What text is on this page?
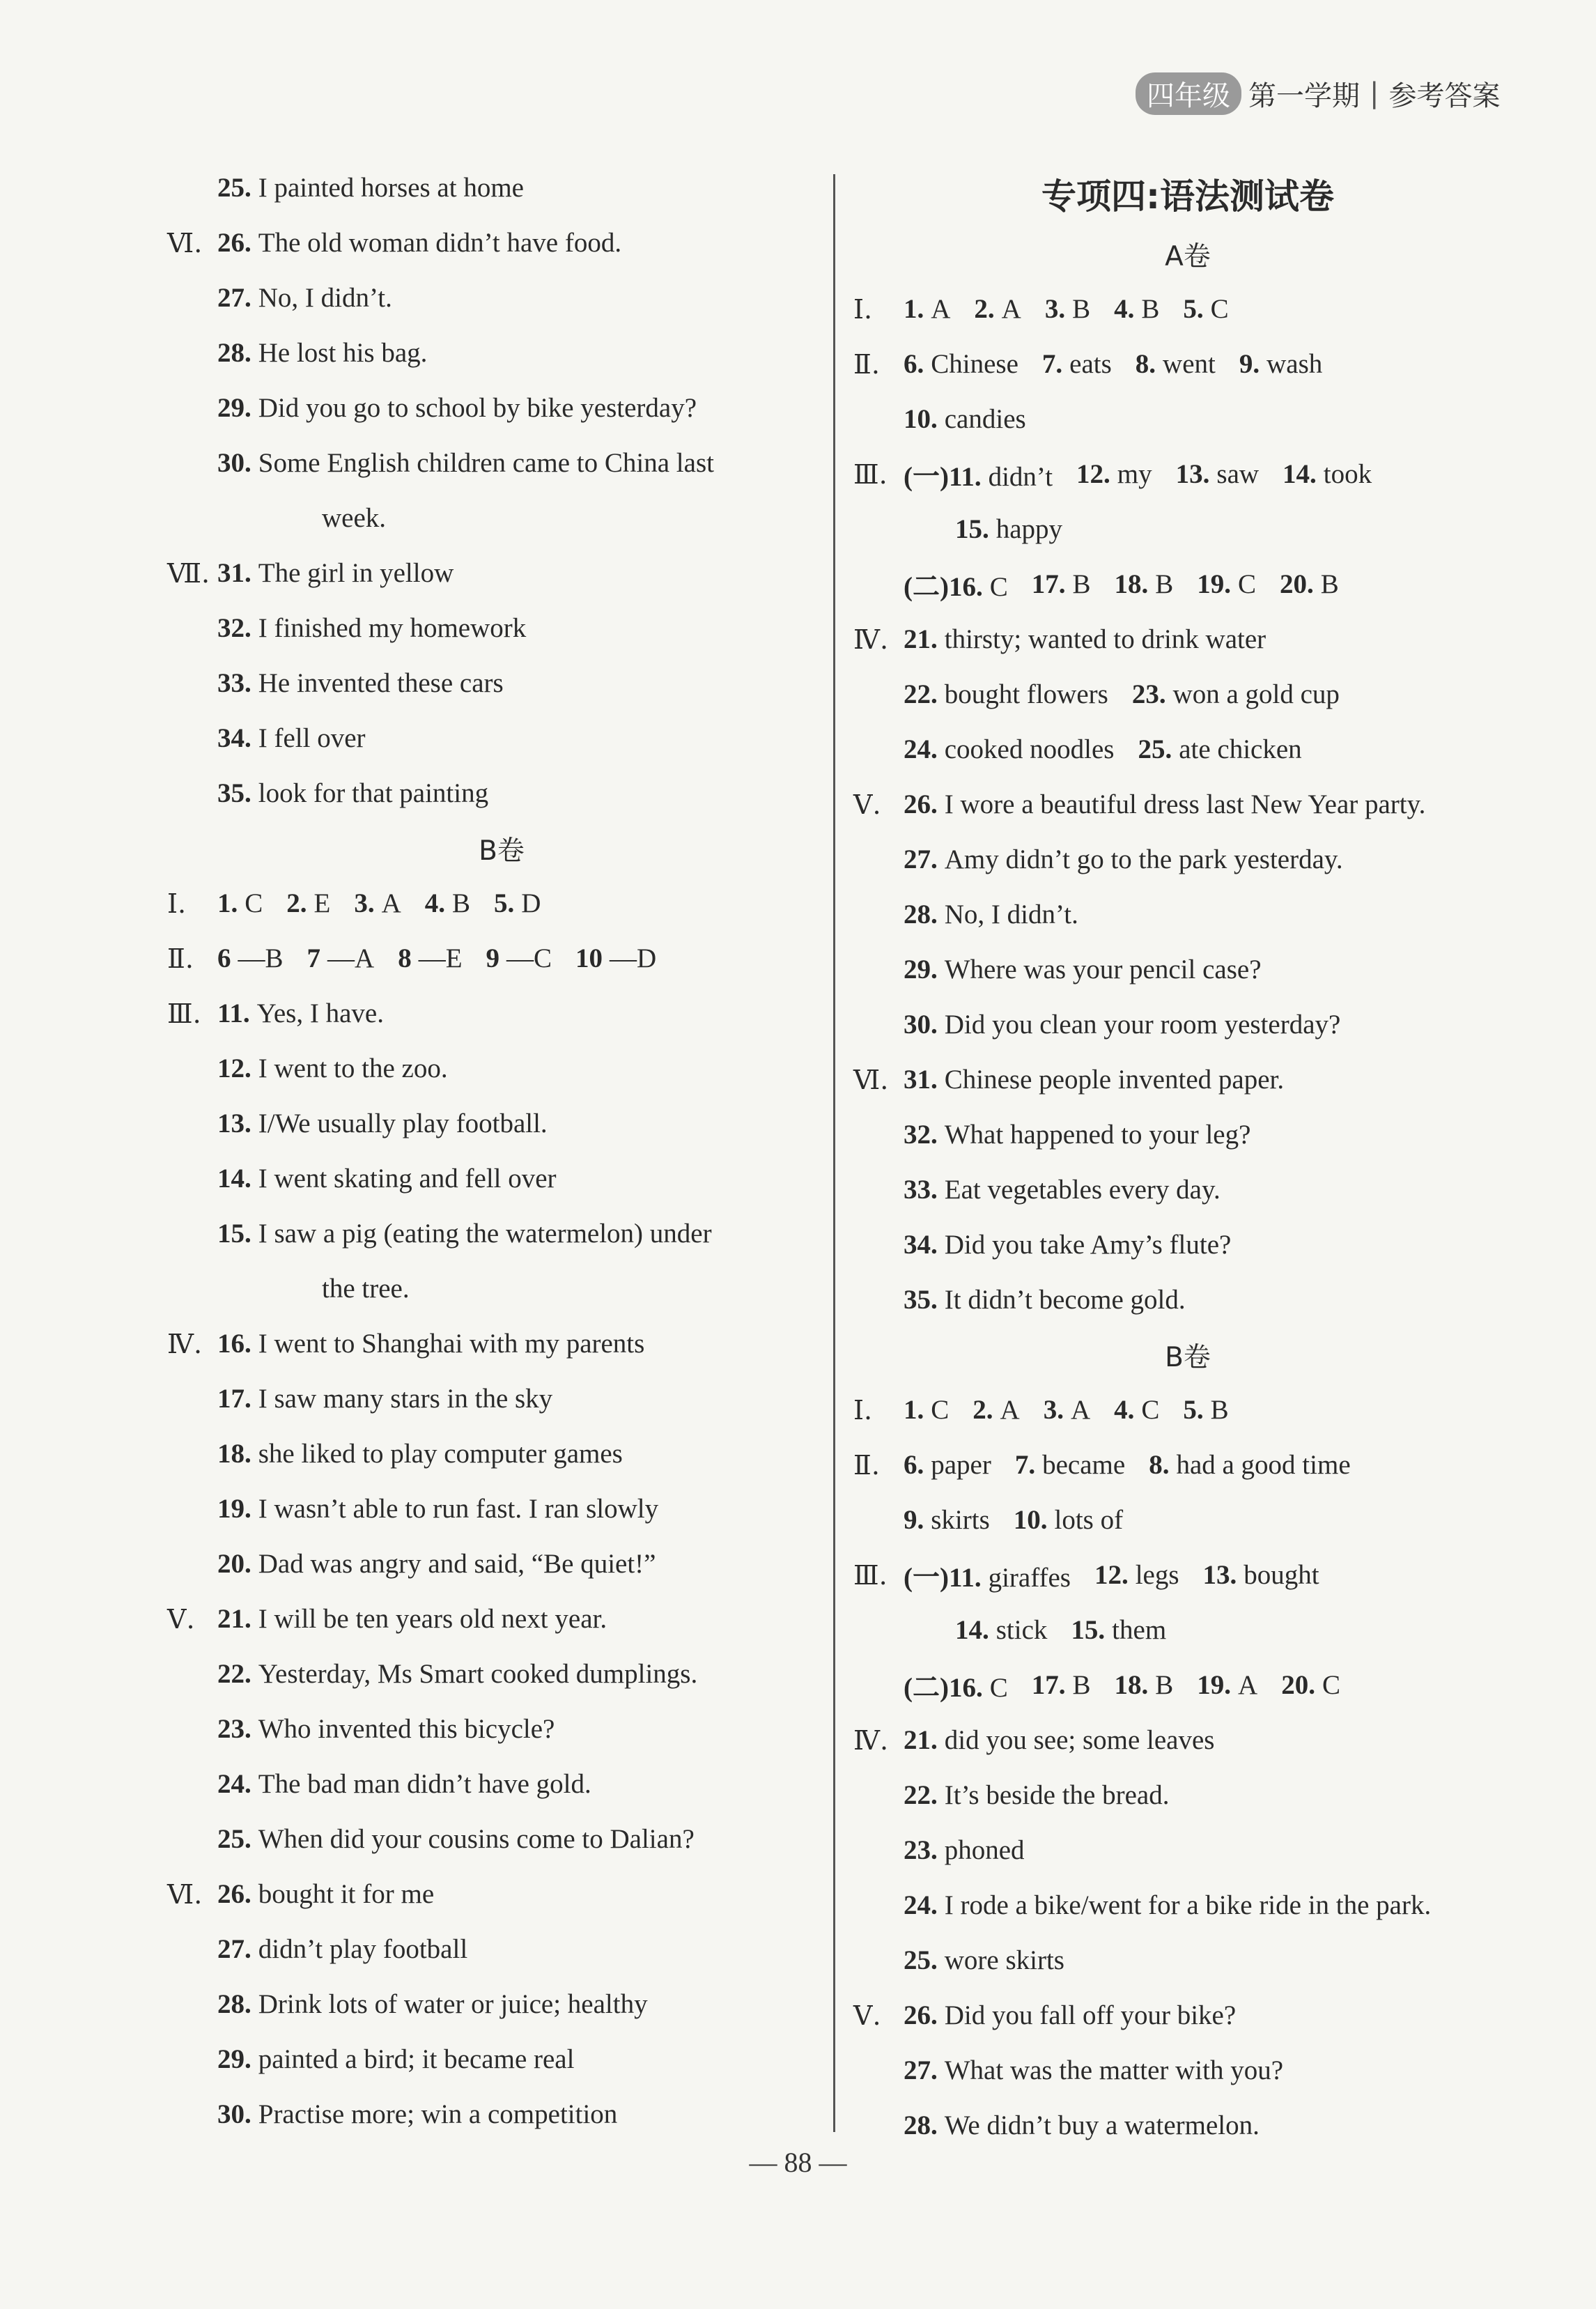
四年级 第一学期 | 参考答案
25. I painted horses at home
Ⅵ. 26. The old woman didn’t have food.
27. No, I didn’t.
28. He lost his bag.
29. Did you go to school by bike yesterday?
30. Some English children came to China last
week.
Ⅶ. 31. The girl in yellow
32. I finished my homework
33. He invented these cars
34. I fell over
35. look for that painting
B卷
Ⅰ.	1. C 2. E 3. A 4. B 5. D
Ⅱ. 6 —B 7 —A 8 —E 9 —C 10 —D
Ⅲ. 11. Yes, I have.
12. I went to the zoo.
13. I/We usually play football.
14. I went skating and fell over
15. I saw a pig (eating the watermelon) under
the tree.
Ⅳ. 16. I went to Shanghai with my parents
17. I saw many stars in the sky
18. she liked to play computer games
19. I wasn’t able to run fast. I ran slowly
20. Dad was angry and said, “Be quiet!”
Ⅴ. 21. I will be ten years old next year.
22. Yesterday, Ms Smart cooked dumplings.
23. Who invented this bicycle?
24. The bad man didn’t have gold.
25. When did your cousins come to Dalian?
Ⅵ. 26. bought it for me
27. didn’t play football
28. Drink lots of water or juice; healthy
29. painted a bird; it became real
30. Practise more; win a competition
专项四:语法测试卷
A卷
Ⅰ.	1. A 2. A 3. B 4. B 5. C
Ⅱ. 6. Chinese 7. eats 8. went 9. wash
10. candies
Ⅲ. (一)11. didn’t 12. my 13. saw 14. took
15. happy
(二)16. C 17. B 18. B 19. C 20. B
Ⅳ. 21. thirsty; wanted to drink water
22. bought flowers 23. won a gold cup
24. cooked noodles 25. ate chicken
Ⅴ. 26. I wore a beautiful dress last New Year party.
27. Amy didn’t go to the park yesterday.
28. No, I didn’t.
29. Where was your pencil case?
30. Did you clean your room yesterday?
Ⅵ. 31. Chinese people invented paper.
32. What happened to your leg?
33. Eat vegetables every day.
34. Did you take Amy’s flute?
35. It didn’t become gold.
B卷
Ⅰ.	1. C 2. A 3. A 4. C 5. B
Ⅱ. 6. paper 7. became 8. had a good time
9. skirts 10. lots of
Ⅲ. (一)11. giraffes 12. legs 13. bought
14. stick 15. them
(二)16. C 17. B 18. B 19. A 20. C
Ⅳ. 21. did you see; some leaves
22. It’s beside the bread.
23. phoned
24. I rode a bike/went for a bike ride in the park.
25. wore skirts
Ⅴ. 26. Did you fall off your bike?
27. What was the matter with you?
28. We didn’t buy a watermelon.
— 88 —
